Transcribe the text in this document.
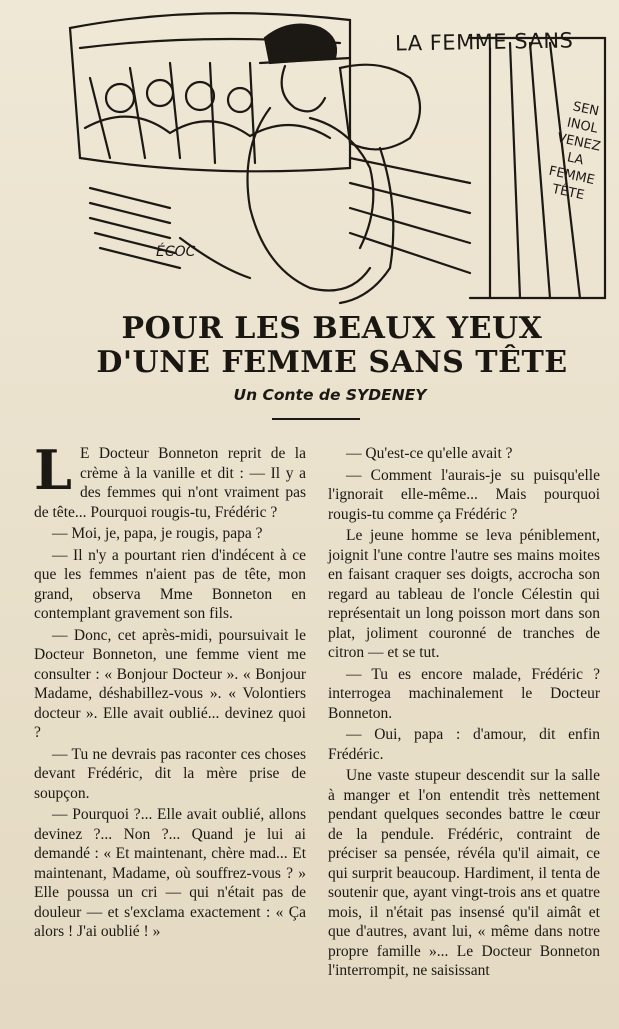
LA FEMME SANS
ÉCOC
SEN
INOL
VENEZ
LA
FEMME
TÊTE
POUR LES BEAUX YEUX
D'UNE FEMME SANS TÊTE
Un Conte de SYDENEY

L E Docteur Bonneton reprit de la crème à la vanille et dit : — Il y a des femmes qui n'ont vraiment pas de tête... Pourquoi rougis-tu, Frédéric ?

— Moi, je, papa, je rougis, papa ?

— Il n'y a pourtant rien d'indécent à ce que les femmes n'aient pas de tête, mon grand, observa Mme Bonneton en contemplant gravement son fils.

— Donc, cet après-midi, poursuivait le Docteur Bonneton, une femme vient me consulter : « Bonjour Docteur ». « Bonjour Madame, déshabillez-vous ». « Volontiers docteur ». Elle avait oublié... devinez quoi ?

— Tu ne devrais pas raconter ces choses devant Frédéric, dit la mère prise de soupçon.

— Pourquoi ?... Elle avait oublié, allons devinez ?... Non ?... Quand je lui ai demandé : « Et maintenant, chère mad... Et maintenant, Madame, où souffrez-vous ? » Elle poussa un cri — qui n'était pas de douleur — et s'exclama exactement : « Ça alors ! J'ai oublié ! »

— Qu'est-ce qu'elle avait ?

— Comment l'aurais-je su puisqu'elle l'ignorait elle-même... Mais pourquoi rougis-tu comme ça Frédéric ?

Le jeune homme se leva péniblement, joignit l'une contre l'autre ses mains moites en faisant craquer ses doigts, accrocha son regard au tableau de l'oncle Célestin qui représentait un long poisson mort dans son plat, joliment couronné de tranches de citron — et se tut.

— Tu es encore malade, Frédéric ? interrogea machinalement le Docteur Bonneton.

— Oui, papa : d'amour, dit enfin Frédéric.

Une vaste stupeur descendit sur la salle à manger et l'on entendit très nettement pendant quelques secondes battre le cœur de la pendule. Frédéric, contraint de préciser sa pensée, révéla qu'il aimait, ce qui surprit beaucoup. Hardiment, il tenta de soutenir que, ayant vingt-trois ans et quatre mois, il n'était pas insensé qu'il aimât et que d'autres, avant lui, « même dans notre propre famille »... Le Docteur Bonneton l'interrompit, ne saisissant
